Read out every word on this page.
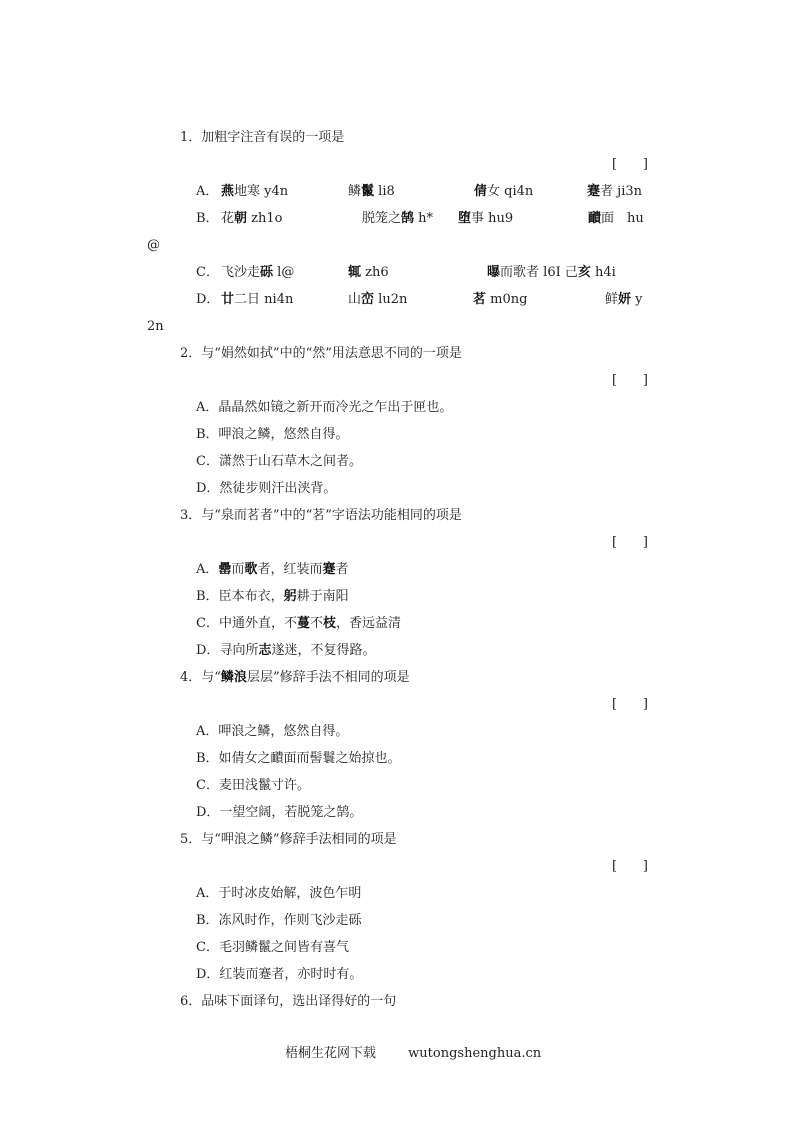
1．加粗字注音有误的一项是
[ ]
A． 燕地寒 y4n	鳞鬣 li8	倩女 qi4n	蹇者 ji3n
B． 花朝 zh1o	脱笼之鹄 h* 堕事 hu9	靧面　hu
@
C． 飞沙走砾 l@	辄 zh6	曝而歌者 l6I 己亥 h4i
D． 廿二日 ni4n	山峦 lu2n	茗 m0ng	鲜妍 y
2n
2．与“娟然如拭”中的“然”用法意思不同的一项是
[ ]
A．晶晶然如镜之新开而冷光之乍出于匣也。
B．呷浪之鳞，悠然自得。
C．潇然于山石草木之间者。
D．然徒步则汗出浃背。
3．与“泉而茗者”中的“茗”字语法功能相同的项是
[ ]
A．罍而歌者，红装而蹇者
B．臣本布衣，躬耕于南阳
C．中通外直，不蔓不枝，香远益清
D．寻向所志遂迷，不复得路。
4．与“鳞浪层层”修辞手法不相同的项是
[ ]
A．呷浪之鳞，悠然自得。
B．如倩女之靧面而髻鬟之始掠也。
C．麦田浅鬣寸许。
D．一望空阔，若脱笼之鹄。
5．与“呷浪之鳞”修辞手法相同的项是
[ ]
A．于时冰皮始解，波色乍明
B．冻风时作，作则飞沙走砾
C．毛羽鳞鬣之间皆有喜气
D．红装而蹇者，亦时时有。
6．品味下面译句，选出译得好的一句
梧桐生花网下载 wutongshenghua.cn
